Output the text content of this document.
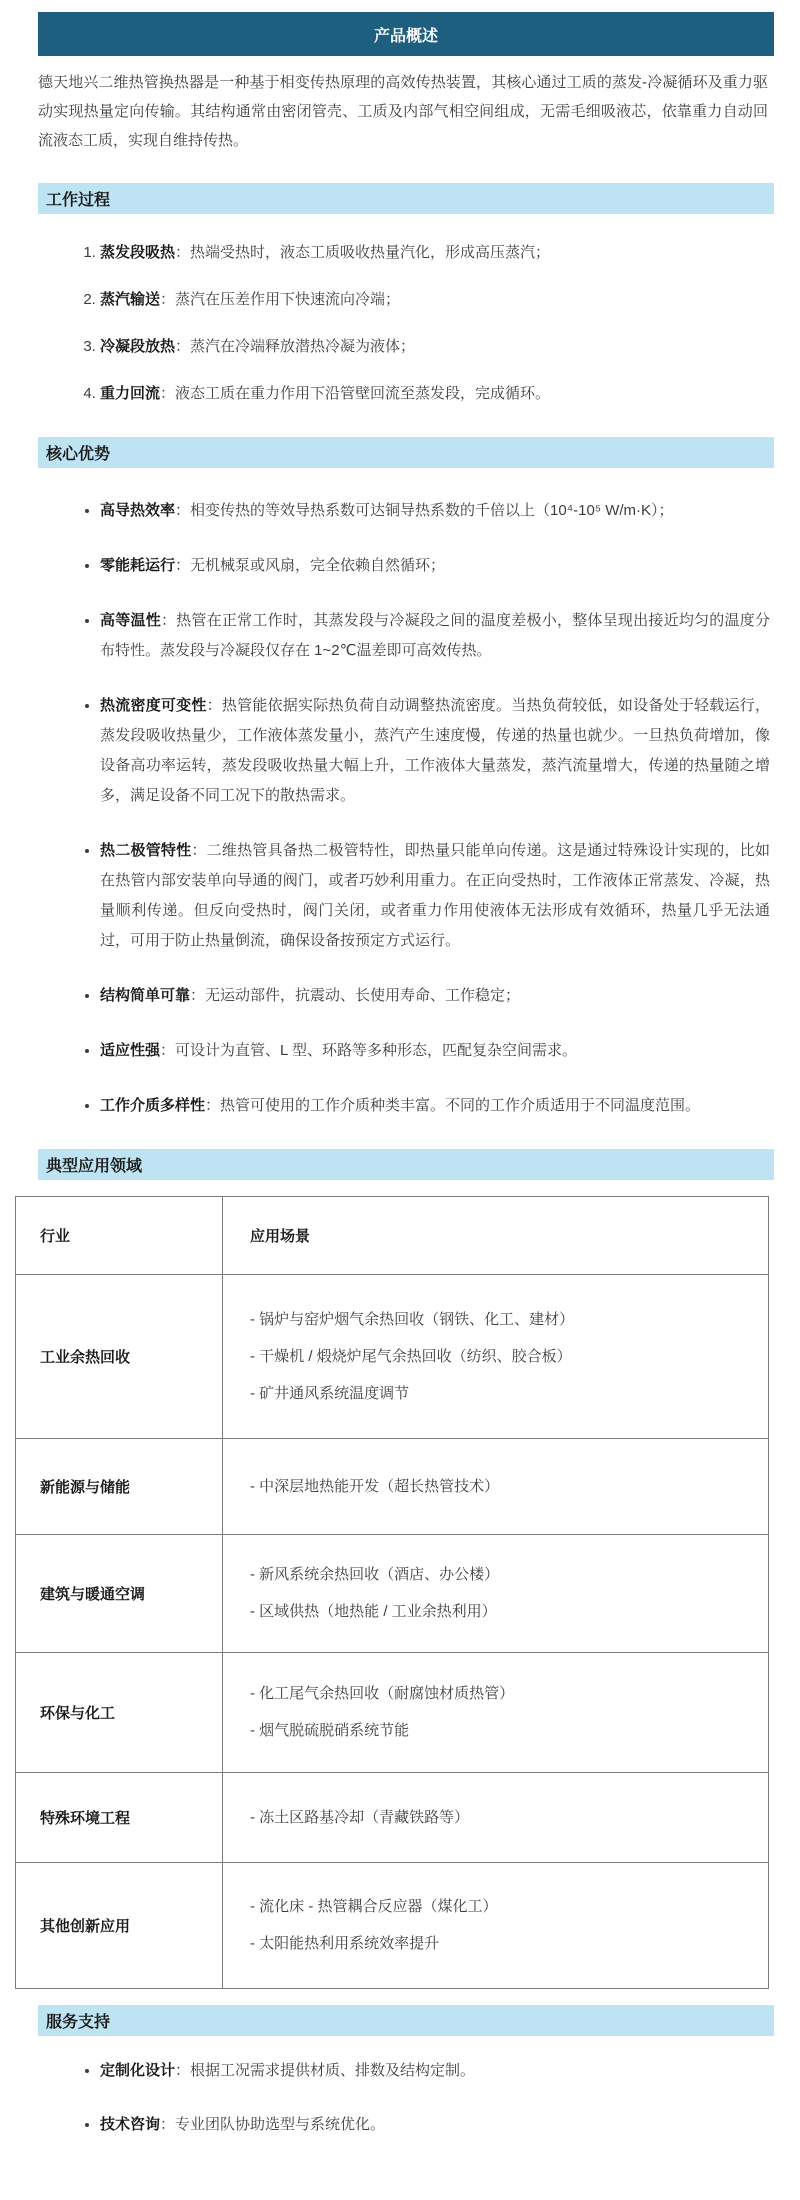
产品概述

德天地兴二维热管换热器是一种基于相变传热原理的高效传热装置，其核心通过工质的蒸发-冷凝循环及重力驱动实现热量定向传输。其结构通常由密闭管壳、工质及内部气相空间组成，无需毛细吸液芯，依靠重力自动回流液态工质，实现自维持传热。

工作过程
1. 蒸发段吸热：热端受热时，液态工质吸收热量汽化，形成高压蒸汽；
2. 蒸汽输送：蒸汽在压差作用下快速流向冷端；
3. 冷凝段放热：蒸汽在冷端释放潜热冷凝为液体；
4. 重力回流：液态工质在重力作用下沿管壁回流至蒸发段，完成循环。
核心优势
• 高导热效率：相变传热的等效导热系数可达铜导热系数的千倍以上（10⁴-10⁵ W/m·K）；
• 零能耗运行：无机械泵或风扇，完全依赖自然循环；
• 高等温性：热管在正常工作时，其蒸发段与冷凝段之间的温度差极小，整体呈现出接近均匀的温度分布特性。蒸发段与冷凝段仅存在 1~2℃温差即可高效传热。
• 热流密度可变性：热管能依据实际热负荷自动调整热流密度。当热负荷较低，如设备处于轻载运行，蒸发段吸收热量少，工作液体蒸发量小，蒸汽产生速度慢，传递的热量也就少。一旦热负荷增加，像设备高功率运转，蒸发段吸收热量大幅上升，工作液体大量蒸发，蒸汽流量增大，传递的热量随之增多，满足设备不同工况下的散热需求。
• 热二极管特性：二维热管具备热二极管特性，即热量只能单向传递。这是通过特殊设计实现的，比如在热管内部安装单向导通的阀门，或者巧妙利用重力。在正向受热时，工作液体正常蒸发、冷凝，热量顺利传递。但反向受热时，阀门关闭，或者重力作用使液体无法形成有效循环，热量几乎无法通过，可用于防止热量倒流，确保设备按预定方式运行。
• 结构简单可靠：无运动部件，抗震动、长使用寿命、工作稳定；
• 适应性强：可设计为直管、L 型、环路等多种形态，匹配复杂空间需求。
• 工作介质多样性：热管可使用的工作介质种类丰富。不同的工作介质适用于不同温度范围。
典型应用领域
行业	应用场景
工业余热回收	- 锅炉与窑炉烟气余热回收（钢铁、化工、建材）
- 干燥机 / 煅烧炉尾气余热回收（纺织、胶合板）
- 矿井通风系统温度调节

新能源与储能	- 中深层地热能开发（超长热管技术）

建筑与暖通空调	- 新风系统余热回收（酒店、办公楼）
- 区域供热（地热能 / 工业余热利用）

环保与化工	- 化工尾气余热回收（耐腐蚀材质热管）
- 烟气脱硫脱硝系统节能

特殊环境工程	- 冻土区路基冷却（青藏铁路等）

其他创新应用	- 流化床 - 热管耦合反应器（煤化工）
- 太阳能热利用系统效率提升
服务支持
• 定制化设计：根据工况需求提供材质、排数及结构定制。
• 技术咨询：专业团队协助选型与系统优化。
